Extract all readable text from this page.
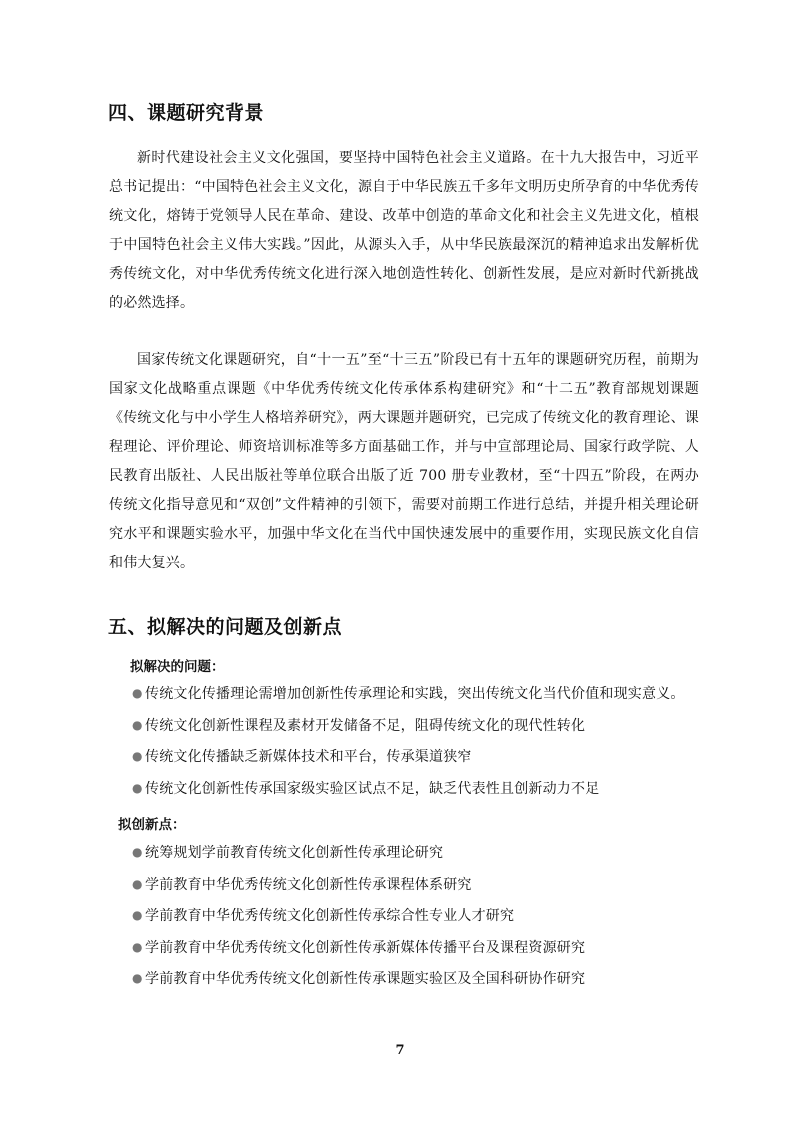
四、课题研究背景

新时代建设社会主义文化强国，要坚持中国特色社会主义道路。在十九大报告中，习近平总书记提出：“中国特色社会主义文化，源自于中华民族五千多年文明历史所孕育的中华优秀传统文化，熔铸于党领导人民在革命、建设、改革中创造的革命文化和社会主义先进文化，植根于中国特色社会主义伟大实践。”因此，从源头入手，从中华民族最深沉的精神追求出发解析优秀传统文化，对中华优秀传统文化进行深入地创造性转化、创新性发展，是应对新时代新挑战的必然选择。

国家传统文化课题研究，自“十一五”至“十三五”阶段已有十五年的课题研究历程，前期为国家文化战略重点课题《中华优秀传统文化传承体系构建研究》和“十二五”教育部规划课题《传统文化与中小学生人格培养研究》，两大课题并题研究，已完成了传统文化的教育理论、课程理论、评价理论、师资培训标准等多方面基础工作，并与中宣部理论局、国家行政学院、人民教育出版社、人民出版社等单位联合出版了近 700 册专业教材，至“十四五”阶段，在两办传统文化指导意见和“双创”文件精神的引领下，需要对前期工作进行总结，并提升相关理论研究水平和课题实验水平，加强中华文化在当代中国快速发展中的重要作用，实现民族文化自信和伟大复兴。

五、拟解决的问题及创新点

拟解决的问题：

● 传统文化传播理论需增加创新性传承理论和实践，突出传统文化当代价值和现实意义。
● 传统文化创新性课程及素材开发储备不足，阻碍传统文化的现代性转化
● 传统文化传播缺乏新媒体技术和平台，传承渠道狭窄
● 传统文化创新性传承国家级实验区试点不足，缺乏代表性且创新动力不足

拟创新点：

● 统筹规划学前教育传统文化创新性传承理论研究
● 学前教育中华优秀传统文化创新性传承课程体系研究
● 学前教育中华优秀传统文化创新性传承综合性专业人才研究
● 学前教育中华优秀传统文化创新性传承新媒体传播平台及课程资源研究
● 学前教育中华优秀传统文化创新性传承课题实验区及全国科研协作研究

7
